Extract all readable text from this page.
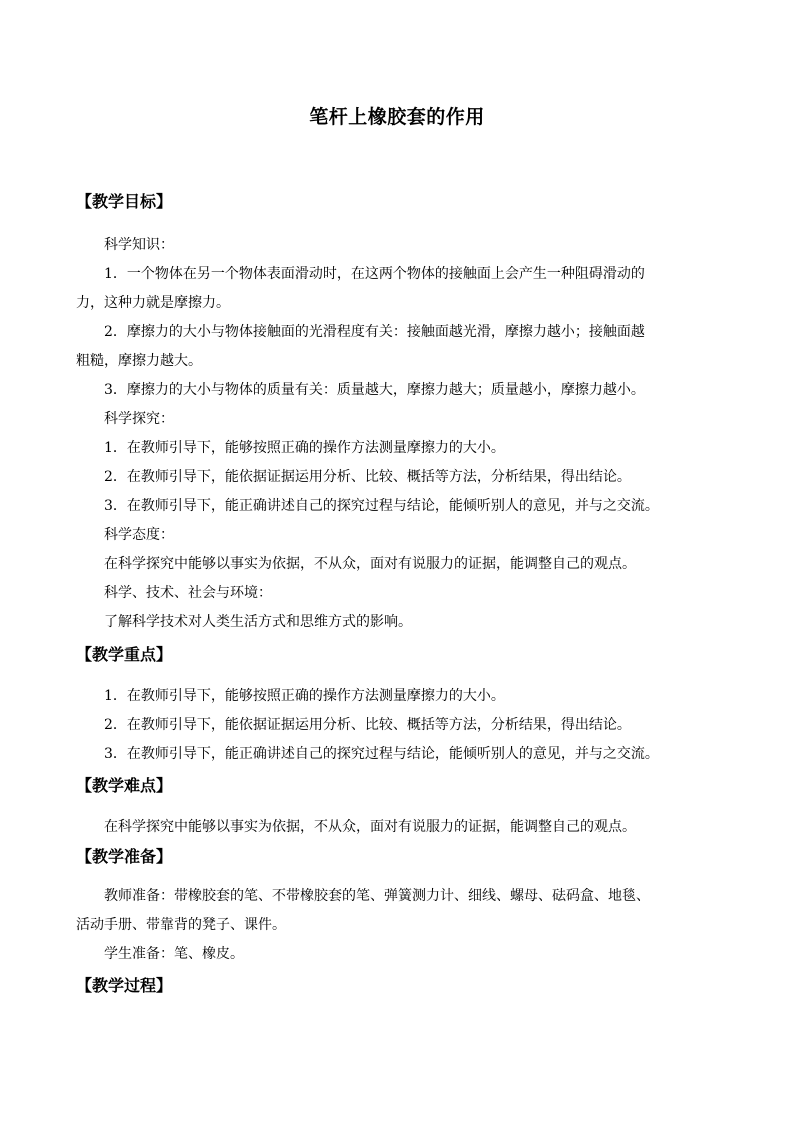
笔杆上橡胶套的作用
【教学目标】
科学知识：
1．一个物体在另一个物体表面滑动时，在这两个物体的接触面上会产生一种阻碍滑动的
力，这种力就是摩擦力。
2．摩擦力的大小与物体接触面的光滑程度有关：接触面越光滑，摩擦力越小；接触面越
粗糙，摩擦力越大。
3．摩擦力的大小与物体的质量有关：质量越大，摩擦力越大；质量越小，摩擦力越小。
科学探究：
1．在教师引导下，能够按照正确的操作方法测量摩擦力的大小。
2．在教师引导下，能依据证据运用分析、比较、概括等方法，分析结果，得出结论。
3．在教师引导下，能正确讲述自己的探究过程与结论，能倾听别人的意见，并与之交流。
科学态度：
在科学探究中能够以事实为依据，不从众，面对有说服力的证据，能调整自己的观点。
科学、技术、社会与环境：
了解科学技术对人类生活方式和思维方式的影响。
【教学重点】
1．在教师引导下，能够按照正确的操作方法测量摩擦力的大小。
2．在教师引导下，能依据证据运用分析、比较、概括等方法，分析结果，得出结论。
3．在教师引导下，能正确讲述自己的探究过程与结论，能倾听别人的意见，并与之交流。
【教学难点】
在科学探究中能够以事实为依据，不从众，面对有说服力的证据，能调整自己的观点。
【教学准备】
教师准备：带橡胶套的笔、不带橡胶套的笔、弹簧测力计、细线、螺母、砝码盒、地毯、
活动手册、带靠背的凳子、课件。
学生准备：笔、橡皮。
【教学过程】
